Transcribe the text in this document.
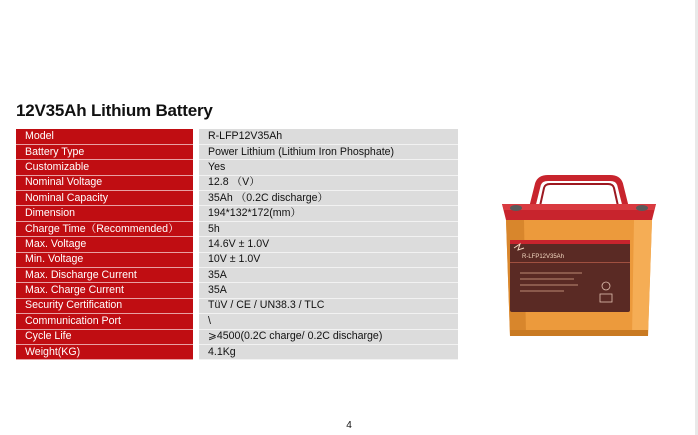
12V35Ah Lithium Battery
Model		R-LFP12V35Ah
Battery Type		Power Lithium (Lithium Iron Phosphate)
Customizable		Yes
Nominal Voltage		12.8 （V）
Nominal Capacity		35Ah （0.2C discharge）
Dimension		194*132*172(mm）
Charge Time（Recommended）		5h
Max. Voltage		14.6V ± 1.0V
Min. Voltage		10V ± 1.0V
Max. Discharge Current		35A
Max. Charge Current		35A
Security Certification		TüV / CE / UN38.3 / TLC
Communication Port		\
Cycle Life		⩾4500(0.2C charge/ 0.2C discharge)
Weight(KG)		4.1Kg
R-LFP12V35Ah
4
